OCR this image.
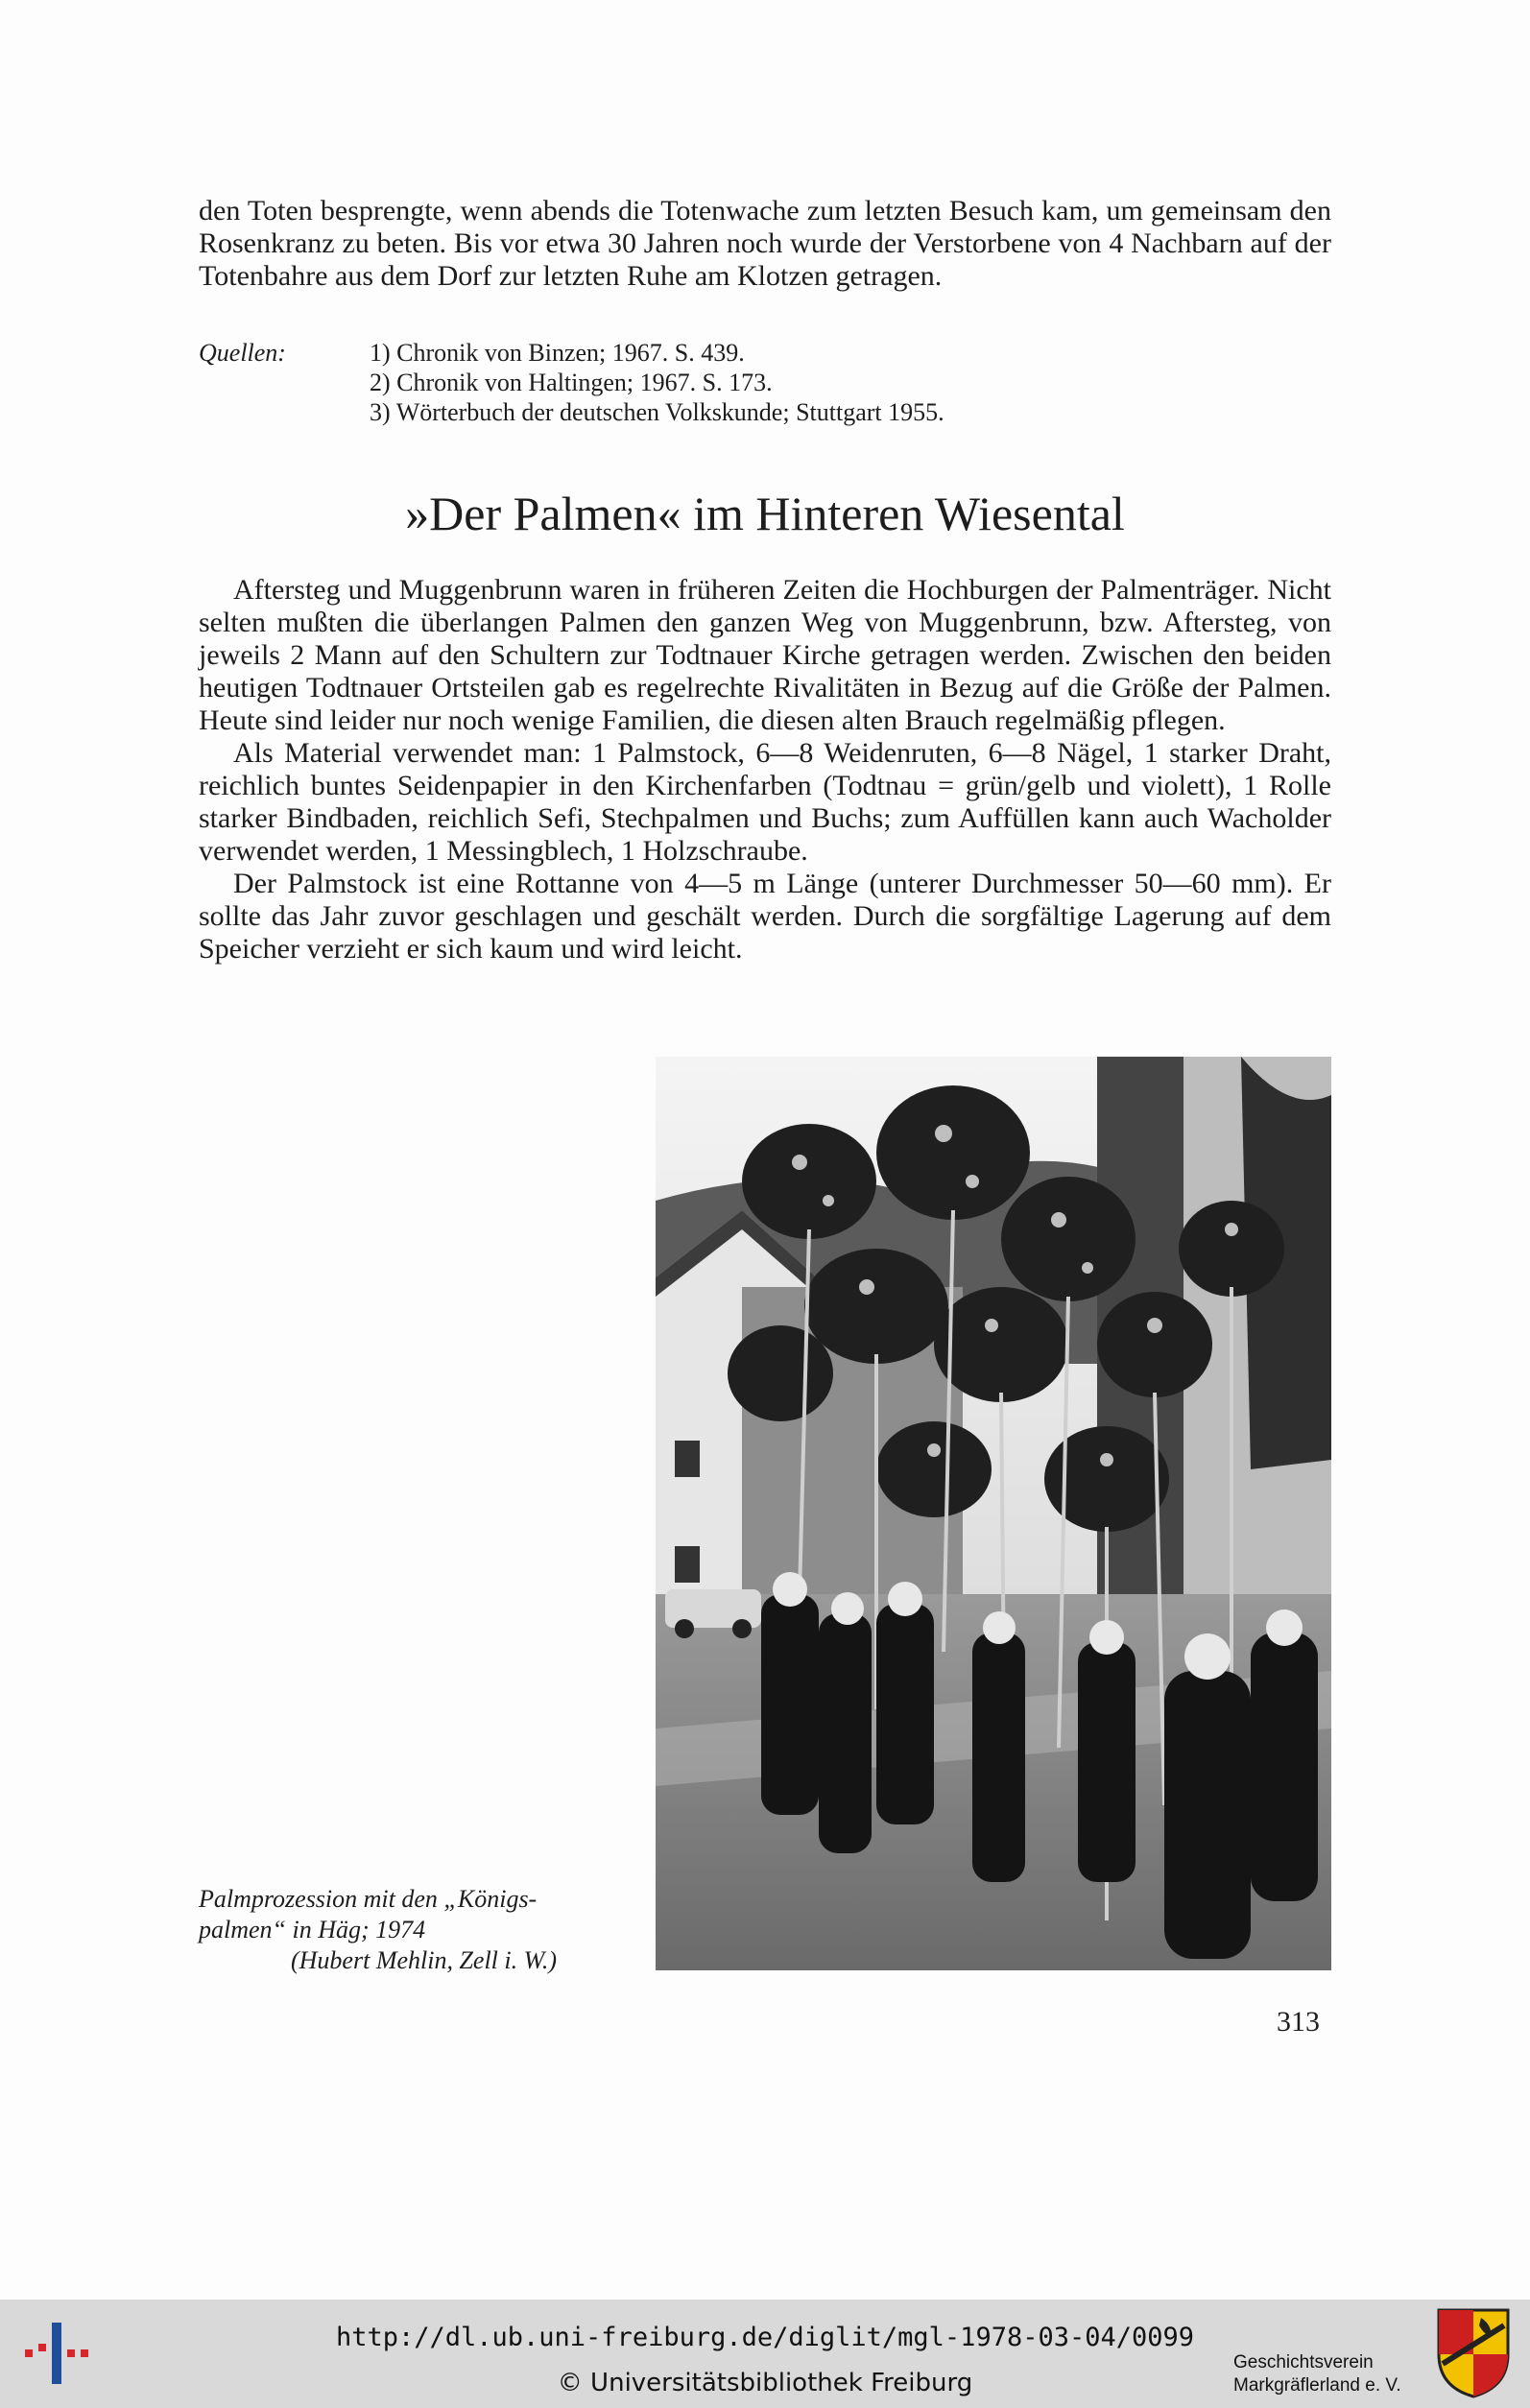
den Toten besprengte, wenn abends die Totenwache zum letzten Besuch kam, um gemeinsam den Rosenkranz zu beten. Bis vor etwa 30 Jahren noch wurde der Verstorbene von 4 Nachbarn auf der Totenbahre aus dem Dorf zur letzten Ruhe am Klotzen getragen.

Quellen:	1) Chronik von Binzen; 1967. S. 439.
2) Chronik von Haltingen; 1967. S. 173.
3) Wörterbuch der deutschen Volkskunde; Stuttgart 1955.
»Der Palmen« im Hinteren Wiesental

Aftersteg und Muggenbrunn waren in früheren Zeiten die Hochburgen der Palmenträger. Nicht selten mußten die überlangen Palmen den ganzen Weg von Muggenbrunn, bzw. Aftersteg, von jeweils 2 Mann auf den Schultern zur Todtnauer Kirche getragen werden. Zwischen den beiden heutigen Todtnauer Ortsteilen gab es regelrechte Rivalitäten in Bezug auf die Größe der Palmen. Heute sind leider nur noch wenige Familien, die diesen alten Brauch regelmäßig pflegen.

Als Material verwendet man: 1 Palmstock, 6—8 Weidenruten, 6—8 Nägel, 1 starker Draht, reichlich buntes Seidenpapier in den Kirchenfarben (Todtnau = grün/gelb und violett), 1 Rolle starker Bindbaden, reichlich Sefi, Stechpalmen und Buchs; zum Auffüllen kann auch Wacholder verwendet werden, 1 Messingblech, 1 Holzschraube.

Der Palmstock ist eine Rottanne von 4—5 m Länge (unterer Durchmesser 50—60 mm). Er sollte das Jahr zuvor geschlagen und geschält werden. Durch die sorgfältige Lagerung auf dem Speicher verzieht er sich kaum und wird leicht.

Palmprozession mit den „Königs-
palmen“ in Häg; 1974
(Hubert Mehlin, Zell i. W.)
313
http://dl.ub.uni-freiburg.de/diglit/mgl-1978-03-04/0099
© Universitätsbibliothek Freiburg
Geschichtsverein
Markgräflerland e. V.
